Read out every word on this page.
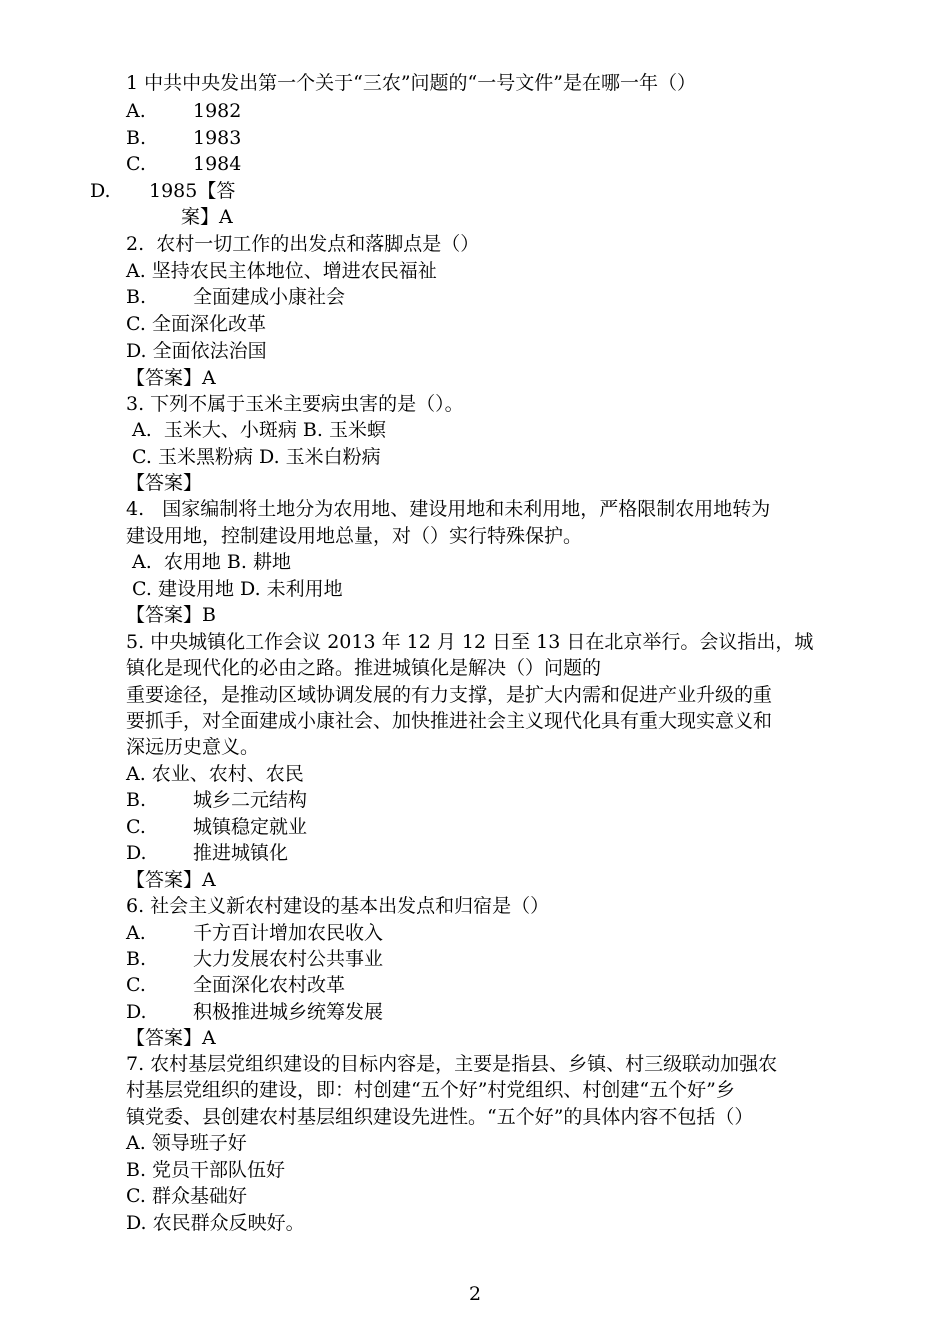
1 中共中央发出第一个关于“三农”问题的“一号文件”是在哪一年（）
A. 1982
B. 1983
C. 1984
D. 1985【答
案】A
2.  农村一切工作的出发点和落脚点是（）
A. 坚持农民主体地位、增进农民福祉
B. 全面建成小康社会
C. 全面深化改革
D. 全面依法治国
【答案】A
3. 下列不属于玉米主要病虫害的是（）。
A.  玉米大、小斑病 B. 玉米螟
C. 玉米黑粉病 D. 玉米白粉病
【答案】
4.   国家编制将土地分为农用地、建设用地和未利用地，严格限制农用地转为
建设用地，控制建设用地总量，对（）实行特殊保护。
A.  农用地 B. 耕地
C. 建设用地 D. 未利用地
【答案】B
5. 中央城镇化工作会议 2013 年 12 月 12 日至 13 日在北京举行。会议指出，城
镇化是现代化的必由之路。推进城镇化是解决（）问题的
重要途径，是推动区域协调发展的有力支撑，是扩大内需和促进产业升级的重
要抓手，对全面建成小康社会、加快推进社会主义现代化具有重大现实意义和
深远历史意义。
A. 农业、农村、农民
B. 城乡二元结构
C. 城镇稳定就业
D. 推进城镇化
【答案】A
6. 社会主义新农村建设的基本出发点和归宿是（）
A. 千方百计增加农民收入
B. 大力发展农村公共事业
C. 全面深化农村改革
D. 积极推进城乡统筹发展
【答案】A
7. 农村基层党组织建设的目标内容是，主要是指县、乡镇、村三级联动加强农
村基层党组织的建设，即：村创建“五个好”村党组织、村创建“五个好”乡
镇党委、县创建农村基层组织建设先进性。“五个好”的具体内容不包括（）
A. 领导班子好
B. 党员干部队伍好
C. 群众基础好
D. 农民群众反映好。
2
